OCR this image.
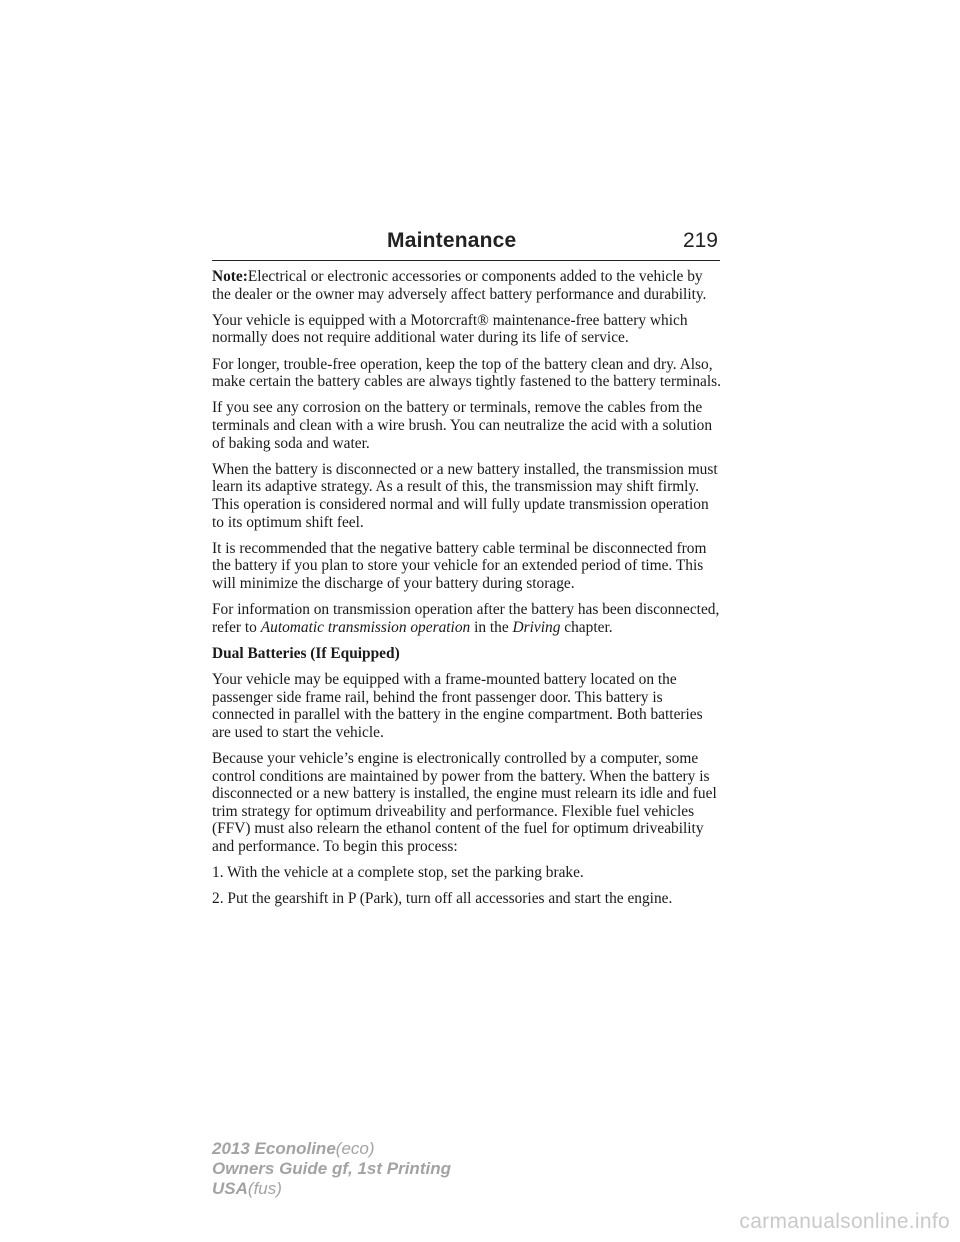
Maintenance	219

Note:Electrical or electronic accessories or components added to the vehicle by the dealer or the owner may adversely affect battery performance and durability.

Your vehicle is equipped with a Motorcraft® maintenance-free battery which normally does not require additional water during its life of service.

For longer, trouble-free operation, keep the top of the battery clean and dry. Also, make certain the battery cables are always tightly fastened to the battery terminals.

If you see any corrosion on the battery or terminals, remove the cables from the terminals and clean with a wire brush. You can neutralize the acid with a solution of baking soda and water.

When the battery is disconnected or a new battery installed, the transmission must learn its adaptive strategy. As a result of this, the transmission may shift firmly. This operation is considered normal and will fully update transmission operation to its optimum shift feel.

It is recommended that the negative battery cable terminal be disconnected from the battery if you plan to store your vehicle for an extended period of time. This will minimize the discharge of your battery during storage.

For information on transmission operation after the battery has been disconnected, refer to Automatic transmission operation in the Driving chapter.

Dual Batteries (If Equipped)

Your vehicle may be equipped with a frame-mounted battery located on the passenger side frame rail, behind the front passenger door. This battery is connected in parallel with the battery in the engine compartment. Both batteries are used to start the vehicle.

Because your vehicle’s engine is electronically controlled by a computer, some control conditions are maintained by power from the battery. When the battery is disconnected or a new battery is installed, the engine must relearn its idle and fuel trim strategy for optimum driveability and performance. Flexible fuel vehicles (FFV) must also relearn the ethanol content of the fuel for optimum driveability and performance. To begin this process:

1. With the vehicle at a complete stop, set the parking brake.

2. Put the gearshift in P (Park), turn off all accessories and start the engine.

2013 Econoline(eco)
Owners Guide gf, 1st Printing
USA(fus)
carmanualsonline.info
